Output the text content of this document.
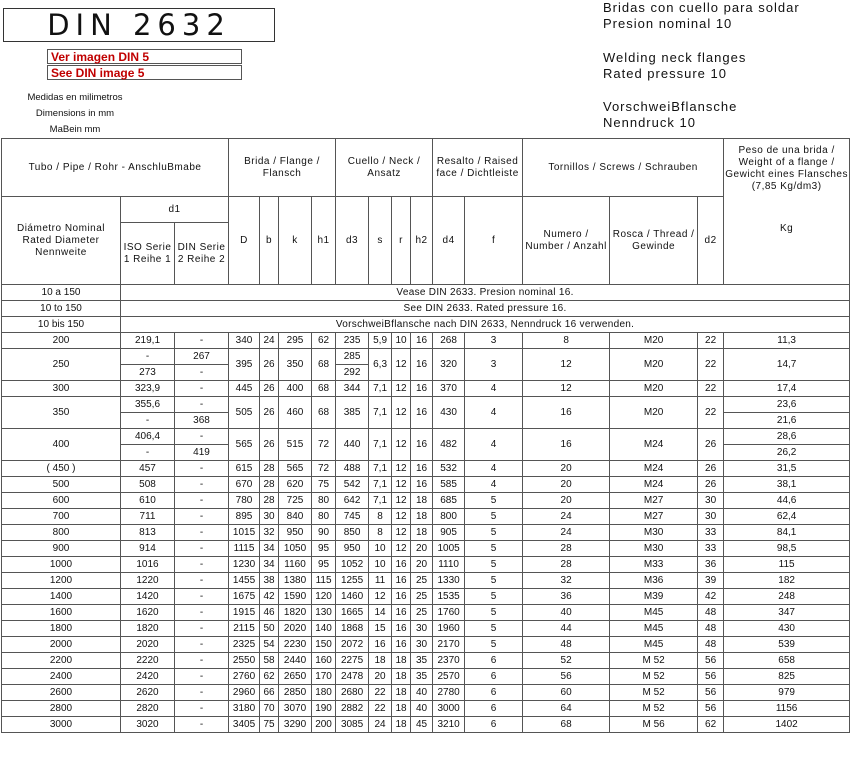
DIN 2632
Ver imagen DIN 5
See DIN image 5
Medidas en milimetros
Dimensions in mm
MaBein mm
Bridas con cuello para soldar
Presion nominal 10
Welding neck flanges
Rated pressure 10
VorschweiBflansche
Nenndruck 10
Tubo / Pipe / Rohr - AnschluBmabe			Brida / Flange / Flansch				Cuello / Neck / Ansatz				Resalto / Raised face / Dichtleiste		Tornillos / Screws / Schrauben			Peso de una brida / Weight of a flange / Gewicht eines Flansches (7,85 Kg/dm3)
Kg

Diámetro Nominal Rated Diameter Nennweite	d1		D	b	k	h1	d3	s	r	h2	d4	f	Numero / Number / Anzahl	Rosca / Thread / Gewinde	d2	
	ISO Serie 1 Reihe 1	DIN Serie 2 Reihe 2														
10 a 150	Vease DIN 2633. Presion nominal 16.															
10 to 150	See DIN 2633. Rated pressure 16.															
10 bis 150	VorschweiBflansche nach DIN 2633, Nenndruck 16 verwenden.															
200	219,1	-	340	24	295	62	235	5,9	10	16	268	3	8	M20	22	11,3
250	-	267	395	26	350	68	285	6,3	12	16	320	3	12	M20	22	14,7
	273	-					292									
300	323,9	-	445	26	400	68	344	7,1	12	16	370	4	12	M20	22	17,4
350	355,6	-	505	26	460	68	385	7,1	12	16	430	4	16	M20	22	23,6
	-	368														21,6
400	406,4	-	565	26	515	72	440	7,1	12	16	482	4	16	M24	26	28,6
	-	419														26,2
( 450 )	457	-	615	28	565	72	488	7,1	12	16	532	4	20	M24	26	31,5
500	508	-	670	28	620	75	542	7,1	12	16	585	4	20	M24	26	38,1
600	610	-	780	28	725	80	642	7,1	12	18	685	5	20	M27	30	44,6
700	711	-	895	30	840	80	745	8	12	18	800	5	24	M27	30	62,4
800	813	-	1015	32	950	90	850	8	12	18	905	5	24	M30	33	84,1
900	914	-	1115	34	1050	95	950	10	12	20	1005	5	28	M30	33	98,5
1000	1016	-	1230	34	1160	95	1052	10	16	20	1110	5	28	M33	36	115
1200	1220	-	1455	38	1380	115	1255	11	16	25	1330	5	32	M36	39	182
1400	1420	-	1675	42	1590	120	1460	12	16	25	1535	5	36	M39	42	248
1600	1620	-	1915	46	1820	130	1665	14	16	25	1760	5	40	M45	48	347
1800	1820	-	2115	50	2020	140	1868	15	16	30	1960	5	44	M45	48	430
2000	2020	-	2325	54	2230	150	2072	16	16	30	2170	5	48	M45	48	539
2200	2220	-	2550	58	2440	160	2275	18	18	35	2370	6	52	M 52	56	658
2400	2420	-	2760	62	2650	170	2478	20	18	35	2570	6	56	M 52	56	825
2600	2620	-	2960	66	2850	180	2680	22	18	40	2780	6	60	M 52	56	979
2800	2820	-	3180	70	3070	190	2882	22	18	40	3000	6	64	M 52	56	1156
3000	3020	-	3405	75	3290	200	3085	24	18	45	3210	6	68	M 56	62	1402
